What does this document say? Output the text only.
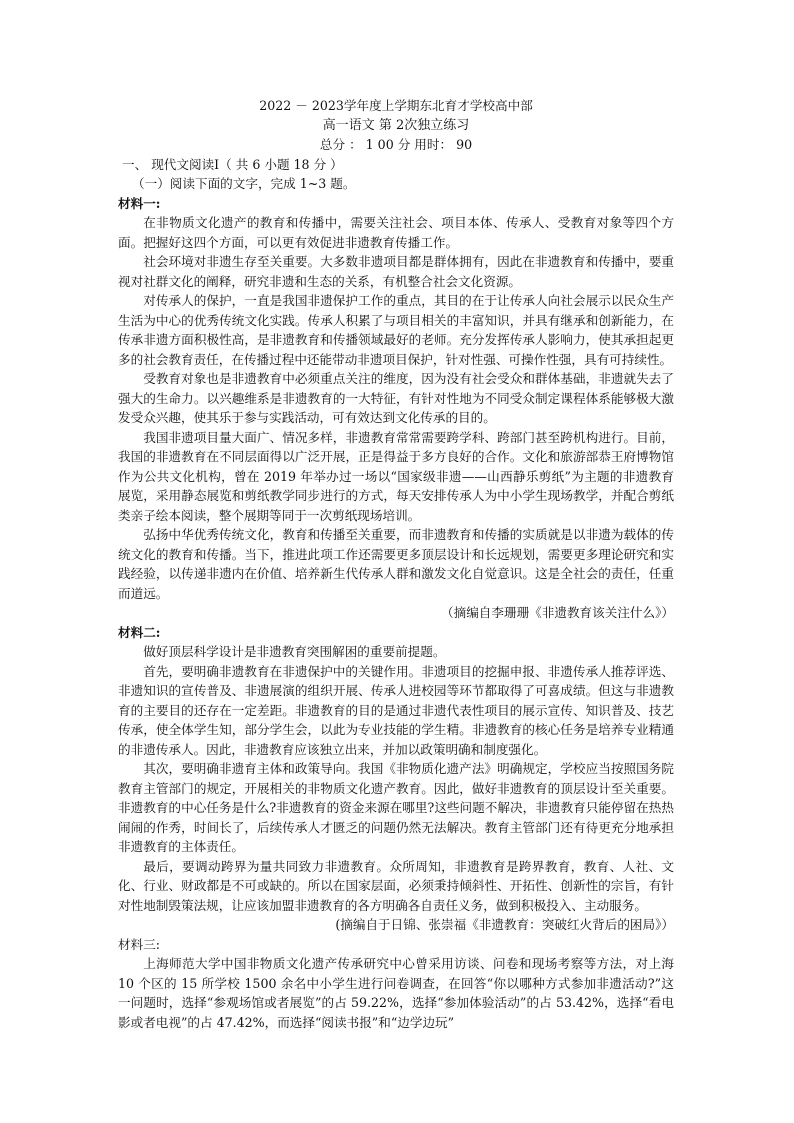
2022 － 2023学年度上学期东北育才学校高中部

高一语文 第 2次独立练习

总分 ： 1 00 分 用时： 90

一、 现代文阅读Ⅰ（ 共 6 小题 18 分 ）

（一）阅读下面的文字，完成 1~3 题。

材料一:

在非物质文化遗产的教育和传播中，需要关注社会、项目本体、传承人、受教育对象等四个方面。把握好这四个方面，可以更有效促进非遗教育传播工作。

社会环境对非遗生存至关重要。大多数非遗项目都是群体拥有，因此在非遗教育和传播中，要重视对社群文化的阐释，研究非遗和生态的关系，有机整合社会文化资源。

对传承人的保护，一直是我国非遗保护工作的重点，其目的在于让传承人向社会展示以民众生产生活为中心的优秀传统文化实践。传承人积累了与项目相关的丰富知识，并具有继承和创新能力，在传承非遗方面积极性高，是非遗教育和传播领域最好的老师。充分发挥传承人影响力，使其承担起更多的社会教育责任，在传播过程中还能带动非遗项目保护，针对性强、可操作性强，具有可持续性。

受教育对象也是非遗教育中必须重点关注的维度，因为没有社会受众和群体基础，非遗就失去了强大的生命力。以兴趣维系是非遗教育的一大特征，有针对性地为不同受众制定课程体系能够极大激发受众兴趣，使其乐于参与实践活动，可有效达到文化传承的目的。

我国非遗项目量大面广、情况多样，非遗教育常常需要跨学科、跨部门甚至跨机构进行。目前，我国的非遗教育在不同层面得以广泛开展，正是得益于多方良好的合作。文化和旅游部恭王府博物馆作为公共文化机构，曾在 2019 年举办过一场以“国家级非遗——山西静乐剪纸”为主题的非遗教育展览，采用静态展览和剪纸教学同步进行的方式，每天安排传承人为中小学生现场教学，并配合剪纸类亲子绘本阅读，整个展期等同于一次剪纸现场培训。

弘扬中华优秀传统文化，教育和传播至关重要，而非遗教育和传播的实质就是以非遗为载体的传统文化的教育和传播。当下，推进此项工作还需要更多顶层设计和长远规划，需要更多理论研究和实践经验，以传递非遗内在价值、培养新生代传承人群和激发文化自觉意识。这是全社会的责任，任重而道远。

（摘编自李珊珊《非遗教育该关注什么》）

材料二:

做好顶层科学设计是非遗教育突围解困的重要前提题。

首先，要明确非遗教育在非遗保护中的关键作用。非遗项目的挖掘申报、非遗传承人推荐评选、非遗知识的宣传普及、非遗展演的组织开展、传承人进校园等环节都取得了可喜成绩。但这与非遗教育的主要目的还存在一定差距。非遗教育的目的是通过非遗代表性项目的展示宣传、知识普及、技艺传承，使全体学生知，部分学生会，以此为专业技能的学生精。非遗教育的核心任务是培养专业精通的非遗传承人。因此，非遗教育应该独立出来，并加以政策明确和制度强化。

其次，要明确非遗育主体和政策导向。我国《非物质化遗产法》明确规定，学校应当按照国务院教育主管部门的规定，开展相关的非物质文化遗产教育。因此，做好非遗教育的顶层设计至关重要。非遗教育的中心任务是什么?非遗教育的资金来源在哪里?这些问题不解决，非遗教育只能停留在热热闹闹的作秀，时间长了，后续传承人才匮乏的问题仍然无法解决。教育主管部门还有待更充分地承担非遗教育的主体责任。

最后，要调动跨界为量共同致力非遗教育。众所周知，非遗教育是跨界教育，教育、人社、文化、行业、财政都是不可或缺的。所以在国家层面，必须秉持倾斜性、开拓性、创新性的宗旨，有针对性地制毁策法规，让应该加盟非遗教育的各方明确各自责任义务，做到积极投入、主动服务。

(摘编自于日锦、张崇福《非遗教育：突破红火背后的困局》）

材料三:

上海师范大学中国非物质文化遗产传承研究中心曾采用访谈、问卷和现场考察等方法，对上海 10 个区的 15 所学校 1500 余名中小学生进行问卷调查，在回答“你以哪种方式参加非遗活动?”这一问题时，选择“参观场馆或者展览”的占 59.22%，选择“参加体验活动”的占 53.42%，选择“看电影或者电视”的占 47.42%，而选择“阅读书报”和“边学边玩”
